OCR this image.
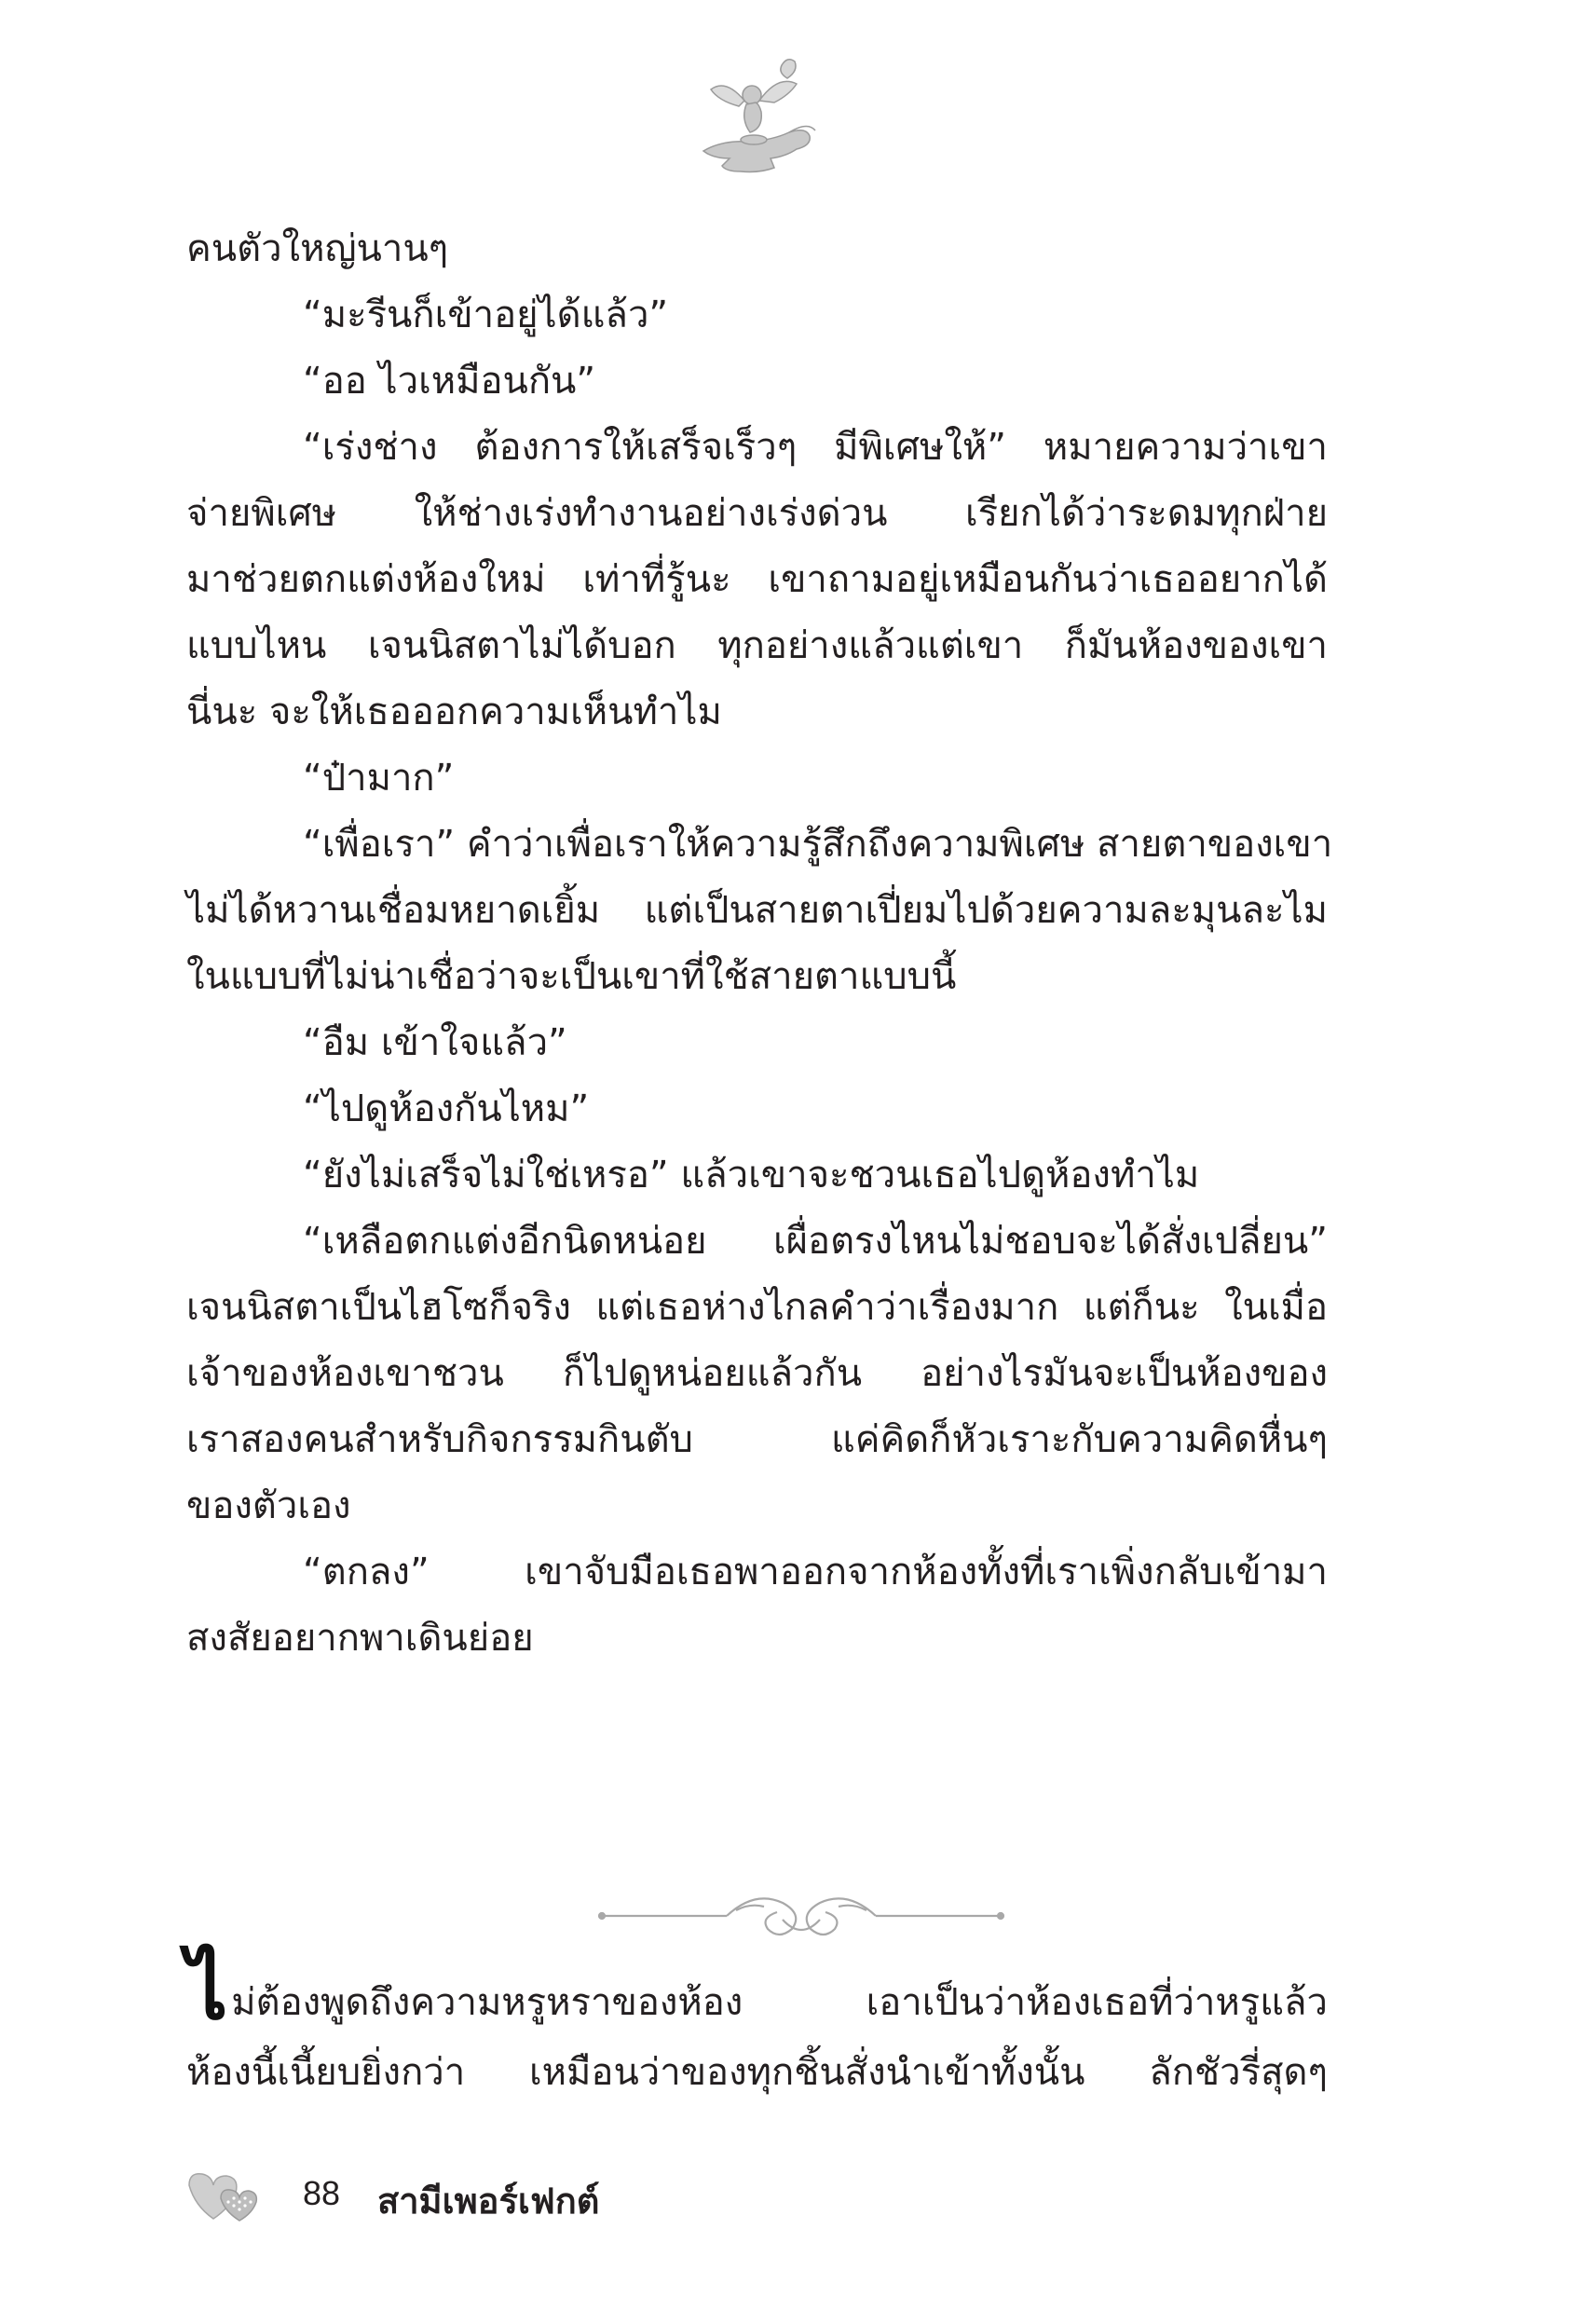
คนตัวใหญ่นานๆ

“มะรีนก็เข้าอยู่ได้แล้ว”

“ออ ไวเหมือนกัน”

“เร่งช่าง ต้องการให้เสร็จเร็วๆ มีพิเศษให้” หมายความว่าเขา

จ่ายพิเศษ ให้ช่างเร่งทำงานอย่างเร่งด่วน เรียกได้ว่าระดมทุกฝ่าย

มาช่วยตกแต่งห้องใหม่ เท่าที่รู้นะ เขาถามอยู่เหมือนกันว่าเธออยากได้

แบบไหน เจนนิสตาไม่ได้บอก ทุกอย่างแล้วแต่เขา ก็มันห้องของเขา

นี่นะ จะให้เธอออกความเห็นทำไม

“ป๋ามาก”

“เพื่อเรา” คำว่าเพื่อเราให้ความรู้สึกถึงความพิเศษ สายตาของเขา

ไม่ได้หวานเชื่อมหยาดเยิ้ม แต่เป็นสายตาเปี่ยมไปด้วยความละมุนละไม

ในแบบที่ไม่น่าเชื่อว่าจะเป็นเขาที่ใช้สายตาแบบนี้

“อืม เข้าใจแล้ว”

“ไปดูห้องกันไหม”

“ยังไม่เสร็จไม่ใช่เหรอ” แล้วเขาจะชวนเธอไปดูห้องทำไม

“เหลือตกแต่งอีกนิดหน่อย เผื่อตรงไหนไม่ชอบจะได้สั่งเปลี่ยน”

เจนนิสตาเป็นไฮโซก็จริง แต่เธอห่างไกลคำว่าเรื่องมาก แต่ก็นะ ในเมื่อ

เจ้าของห้องเขาชวน ก็ไปดูหน่อยแล้วกัน อย่างไรมันจะเป็นห้องของ

เราสองคนสำหรับกิจกรรมกินตับ แค่คิดก็หัวเราะกับความคิดหื่นๆ

ของตัวเอง

“ตกลง” เขาจับมือเธอพาออกจากห้องทั้งที่เราเพิ่งกลับเข้ามา

สงสัยอยากพาเดินย่อย

ไม่ต้องพูดถึงความหรูหราของห้อง เอาเป็นว่าห้องเธอที่ว่าหรูแล้ว

ห้องนี้เนี้ยบยิ่งกว่า เหมือนว่าของทุกชิ้นสั่งนำเข้าทั้งนั้น ลักชัวรี่สุดๆ

88 สามีเพอร์เฟกต์
